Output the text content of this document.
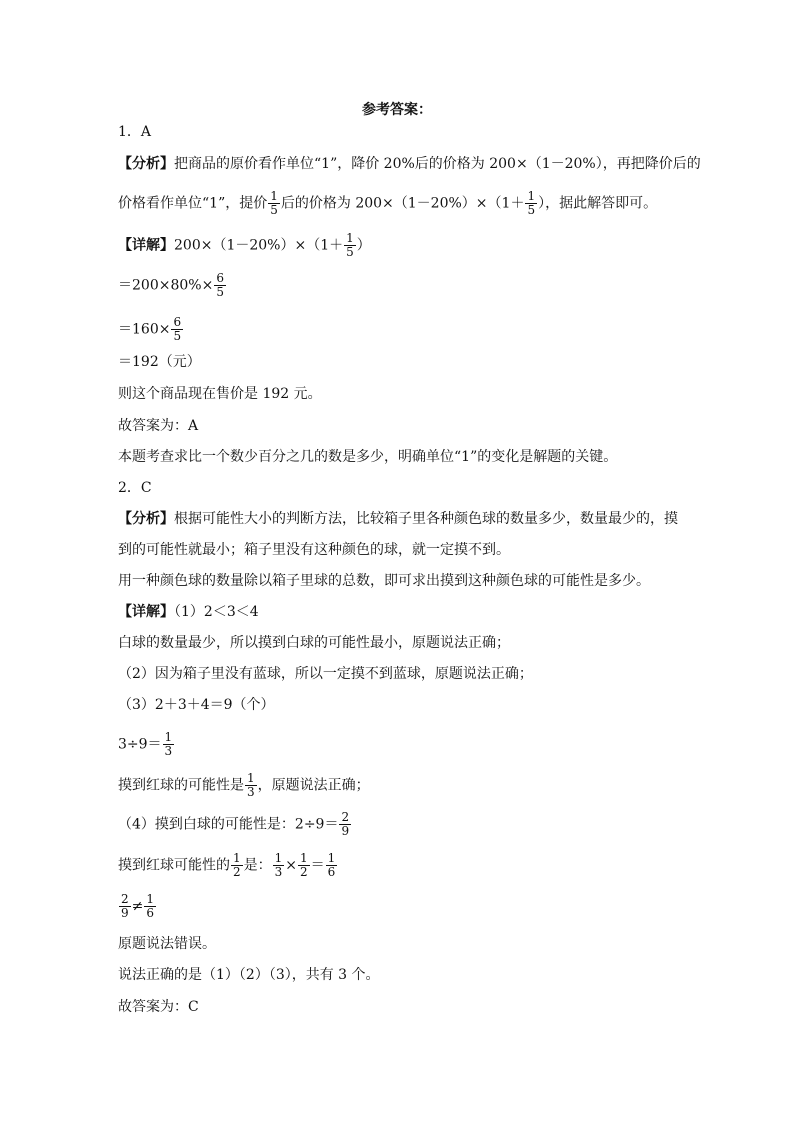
参考答案：
1．A
【分析】把商品的原价看作单位“1”，降价 20%后的价格为 200×（1－20%），再把降价后的
价格看作单位“1”，提价 $\frac{1}{5}$ 后的价格为 $200\times(1-20\%)\times(1+ \frac{1}{5}$ ），据此解答即可。
【详解】$200\times(1-20\%)\times(1+ \frac{1}{5}$ ）
$=200\times 80\%\times \frac{6}{5}$
$=160\times \frac{6}{5}$
＝192（元）
则这个商品现在售价是 192 元。
故答案为：A
本题考查求比一个数少百分之几的数是多少，明确单位“1”的变化是解题的关键。
2．C
【分析】根据可能性大小的判断方法，比较箱子里各种颜色球的数量多少，数量最少的，摸
到的可能性就最小；箱子里没有这种颜色的球，就一定摸不到。
用一种颜色球的数量除以箱子里球的总数，即可求出摸到这种颜色球的可能性是多少。
【详解】（1）2＜3＜4
白球的数量最少，所以摸到白球的可能性最小，原题说法正确；
（2）因为箱子里没有蓝球，所以一定摸不到蓝球，原题说法正确；
（3）2＋3＋4＝9（个）
$3\div 9= \frac{1}{3}$
摸到红球的可能性是 $\frac{1}{3}$ ，原题说法正确；
（4）摸到白球的可能性是：$2\div 9= \frac{2}{9}$
摸到红球可能性的 $\frac{1}{2}$ 是： $\frac{1}{3} \times \frac{1}{2} = \frac{1}{6}$
$\frac{2}{9} \ne \frac{1}{6}$
原题说法错误。
说法正确的是（1）（2）（3），共有 3 个。
故答案为：C
